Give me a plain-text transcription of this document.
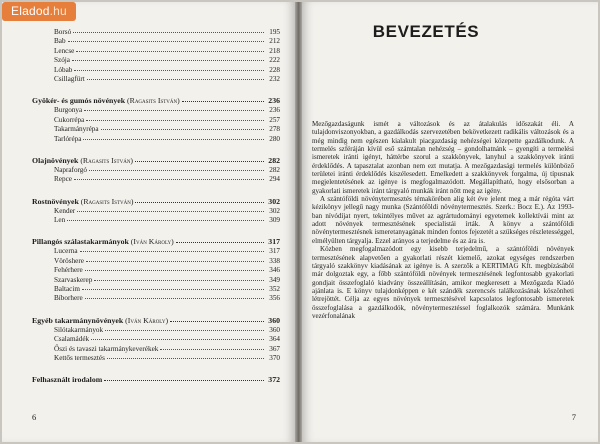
Eladod.hu
Borsó	195
Bab	212
Lencse	218
Szója	222
Lóbab	228
Csillagfürt	232
Gyökér- és gumós növények (Ragasits István)	236
Burgonya	236
Cukorrépa	257
Takarmányrépa	278
Tarlórépa	280
Olajnövények (Ragasits István)	282
Napraforgó	282
Repce	294
Rostnövények (Ragasits István)	302
Kender	302
Len	309
Pillangós szálastakarmányok (Iván Károly)	317
Lucerna	317
Vöröshere	338
Fehérhere	346
Szarvaskerep	349
Baltacim	352
Bíborhere	356
Egyéb takarmánynövények (Iván Károly)	360
Silótakarmányok	360
Csalamádék	364
Őszi és tavaszi takarmánykeverékek	367
Kettős termesztés	370
Felhasznált irodalom	372
6
BEVEZETÉS

Mezőgazdaságunk ismét a változások és az átalakulás időszakát éli. A tulajdonviszonyokban, a gazdálkodás szervezetében bekövetkezett radikális változások és a még mindig nem egészen kialakult piacgazdaság nehézségei közepette gazdálkodunk. A termelés szféráján kívül eső számtalan nehézség – gondolhatnánk – gyengíti a termelési ismeretek iránti igényt, háttérbe szorul a szakkönyvek, lanyhul a szakkönyvek iránti érdeklődés. A tapasztalat azonban nem ezt mutatja. A mezőgazdasági termelés különböző területei iránti érdeklődés kiszélesedett. Emelkedett a szakkönyvek forgalma, új típusnak megjelentetésének az igénye is megfogalmazódott. Megállapítható, hogy elsősorban a gyakorlati ismeretek iránt tárgyaló munkák iránt nőtt meg az igény.

A szántóföldi növénytermesztés témakörében alig két éve jelent meg a már régóta várt kézikönyv jellegű nagy munka (Szántóföldi növénytermesztés. Szerk.: Bocz E.). Az 1993-ban nívódíjat nyert, tekintélyes művet az agrártudományi egyetemek kollektívái mint az adott növények termesztésének specialistái írták. A könyv a szántóföldi növénytermesztésnek ismeretanyagának minden fontos fejezetét a szükséges részletességgel, elmélyülten tárgyalja. Ezzel arányos a terjedelme és az ára is.

Közben megfogalmazódott egy kisebb terjedelmű, a szántóföldi növények termesztésének alapvetően a gyakorlati részét kiemelő, azokat egységes rendszerben tárgyaló szakkönyv kiadásának az igénye is. A szerzők a KERTIMAG Kft. megbízásából már dolgoztak egy, a főbb szántóföldi növények termesztésének legfontosabb gyakorlati gondjait összefoglaló kiadvány összeállításán, amikor megkeresett a Mezőgazda Kiadó ajánlata is. E könyv tulajdonképpen e két szándék szerencsés találkozásának köszönheti létrejöttét. Célja az egyes növények termesztésével kapcsolatos legfontosabb ismeretek összefoglalása a gazdálkodók, növénytermesztéssel foglalkozók számára. Munkánk vezérfonalának

7
